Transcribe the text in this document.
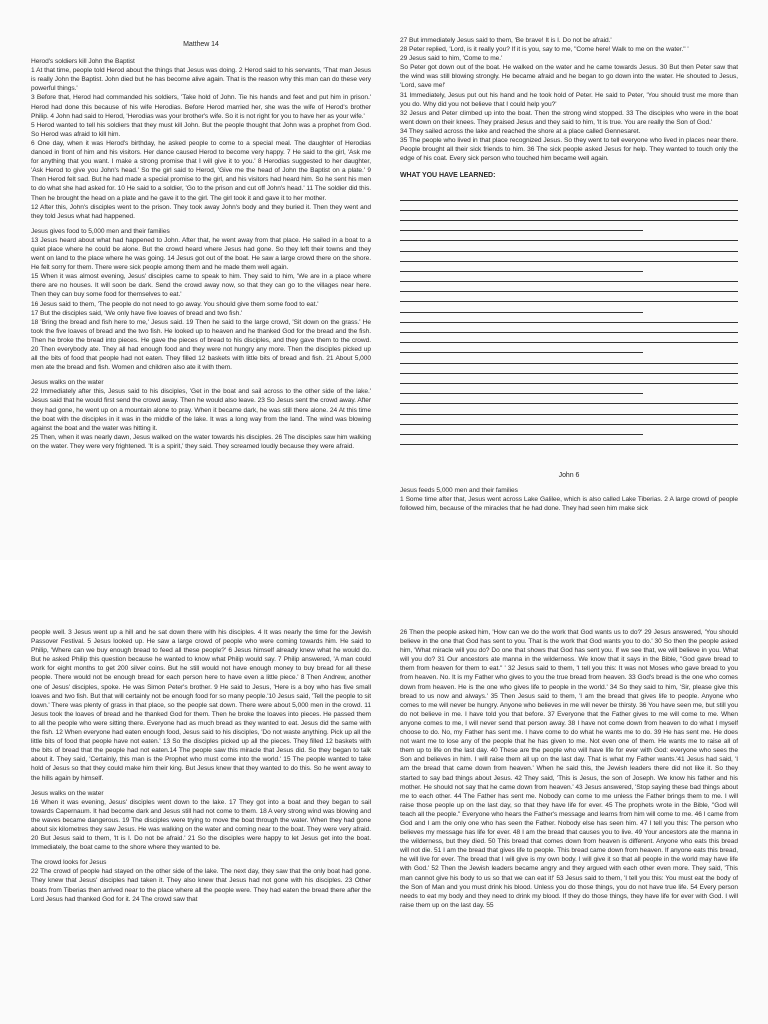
Matthew 14

Herod's soldiers kill John the Baptist

1 At that time, people told Herod about the things that Jesus was doing. 2 Herod said to his servants, 'That man Jesus is really John the Baptist. John died but he has become alive again. That is the reason why this man can do these very powerful things.'

3 Before that, Herod had commanded his soldiers, 'Take hold of John. Tie his hands and feet and put him in prison.' Herod had done this because of his wife Herodias. Before Herod married her, she was the wife of Herod's brother Philip. 4 John had said to Herod, 'Herodias was your brother's wife. So it is not right for you to have her as your wife.'

5 Herod wanted to tell his soldiers that they must kill John. But the people thought that John was a prophet from God. So Herod was afraid to kill him.

6 One day, when it was Herod's birthday, he asked people to come to a special meal. The daughter of Herodias danced in front of him and his visitors. Her dance caused Herod to become very happy. 7 He said to the girl, 'Ask me for anything that you want. I make a strong promise that I will give it to you.' 8 Herodias suggested to her daughter, 'Ask Herod to give you John's head.' So the girl said to Herod, 'Give me the head of John the Baptist on a plate.' 9 Then Herod felt sad. But he had made a special promise to the girl, and his visitors had heard him. So he sent his men to do what she had asked for. 10 He said to a soldier, 'Go to the prison and cut off John's head.' 11 The soldier did this. Then he brought the head on a plate and he gave it to the girl. The girl took it and gave it to her mother.

12 After this, John's disciples went to the prison. They took away John's body and they buried it. Then they went and they told Jesus what had happened.

Jesus gives food to 5,000 men and their families

13 Jesus heard about what had happened to John. After that, he went away from that place. He sailed in a boat to a quiet place where he could be alone. But the crowd heard where Jesus had gone. So they left their towns and they went on land to the place where he was going. 14 Jesus got out of the boat. He saw a large crowd there on the shore. He felt sorry for them. There were sick people among them and he made them well again.

15 When it was almost evening, Jesus' disciples came to speak to him. They said to him, 'We are in a place where there are no houses. It will soon be dark. Send the crowd away now, so that they can go to the villages near here. Then they can buy some food for themselves to eat.'

16 Jesus said to them, 'The people do not need to go away. You should give them some food to eat.'

17 But the disciples said, 'We only have five loaves of bread and two fish.'

18 'Bring the bread and fish here to me,' Jesus said. 19 Then he said to the large crowd, 'Sit down on the grass.' He took the five loaves of bread and the two fish. He looked up to heaven and he thanked God for the bread and the fish. Then he broke the bread into pieces. He gave the pieces of bread to his disciples, and they gave them to the crowd. 20 Then everybody ate. They all had enough food and they were not hungry any more. Then the disciples picked up all the bits of food that people had not eaten. They filled 12 baskets with little bits of bread and fish. 21 About 5,000 men ate the bread and fish. Women and children also ate it with them.

Jesus walks on the water

22 Immediately after this, Jesus said to his disciples, 'Get in the boat and sail across to the other side of the lake.' Jesus said that he would first send the crowd away. Then he would also leave. 23 So Jesus sent the crowd away. After they had gone, he went up on a mountain alone to pray. When it became dark, he was still there alone. 24 At this time the boat with the disciples in it was in the middle of the lake. It was a long way from the land. The wind was blowing against the boat and the water was hitting it.

25 Then, when it was nearly dawn, Jesus walked on the water towards his disciples. 26 The disciples saw him walking on the water. They were very frightened. 'It is a spirit,' they said. They screamed loudly because they were afraid.

27 But immediately Jesus said to them, 'Be brave! It is I. Do not be afraid.'

28 Peter replied, 'Lord, is it really you? If it is you, say to me, "Come here! Walk to me on the water." '

29 Jesus said to him, 'Come to me.'

So Peter got down out of the boat. He walked on the water and he came towards Jesus. 30 But then Peter saw that the wind was still blowing strongly. He became afraid and he began to go down into the water. He shouted to Jesus, 'Lord, save me!'

31 Immediately, Jesus put out his hand and he took hold of Peter. He said to Peter, 'You should trust me more than you do. Why did you not believe that I could help you?'

32 Jesus and Peter climbed up into the boat. Then the strong wind stopped. 33 The disciples who were in the boat went down on their knees. They praised Jesus and they said to him, 'It is true. You are really the Son of God.'

34 They sailed across the lake and reached the shore at a place called Gennesaret.

35 The people who lived in that place recognized Jesus. So they went to tell everyone who lived in places near there. People brought all their sick friends to him. 36 The sick people asked Jesus for help. They wanted to touch only the edge of his coat. Every sick person who touched him became well again.

WHAT YOU HAVE LEARNED:
John 6

Jesus feeds 5,000 men and their families

1 Some time after that, Jesus went across Lake Galilee, which is also called Lake Tiberias. 2 A large crowd of people followed him, because of the miracles that he had done. They had seen him make sick

people well. 3 Jesus went up a hill and he sat down there with his disciples. 4 It was nearly the time for the Jewish Passover Festival. 5 Jesus looked up. He saw a large crowd of people who were coming towards him. He said to Philip, 'Where can we buy enough bread to feed all these people?' 6 Jesus himself already knew what he would do. But he asked Philip this question because he wanted to know what Philip would say. 7 Philip answered, 'A man could work for eight months to get 200 silver coins. But he still would not have enough money to buy bread for all these people. There would not be enough bread for each person here to have even a little piece.' 8 Then Andrew, another one of Jesus' disciples, spoke. He was Simon Peter's brother. 9 He said to Jesus, 'Here is a boy who has five small loaves and two fish. But that will certainly not be enough food for so many people.'10 Jesus said, 'Tell the people to sit down.' There was plenty of grass in that place, so the people sat down. There were about 5,000 men in the crowd. 11 Jesus took the loaves of bread and he thanked God for them. Then he broke the loaves into pieces. He passed them to all the people who were sitting there. Everyone had as much bread as they wanted to eat. Jesus did the same with the fish. 12 When everyone had eaten enough food, Jesus said to his disciples, 'Do not waste anything. Pick up all the little bits of food that people have not eaten.' 13 So the disciples picked up all the pieces. They filled 12 baskets with the bits of bread that the people had not eaten.14 The people saw this miracle that Jesus did. So they began to talk about it. They said, 'Certainly, this man is the Prophet who must come into the world.' 15 The people wanted to take hold of Jesus so that they could make him their king. But Jesus knew that they wanted to do this. So he went away to the hills again by himself.

Jesus walks on the water

16 When it was evening, Jesus' disciples went down to the lake. 17 They got into a boat and they began to sail towards Capernaum. It had become dark and Jesus still had not come to them. 18 A very strong wind was blowing and the waves became dangerous. 19 The disciples were trying to move the boat through the water. When they had gone about six kilometres they saw Jesus. He was walking on the water and coming near to the boat. They were very afraid. 20 But Jesus said to them, 'It is I. Do not be afraid.' 21 So the disciples were happy to let Jesus get into the boat. Immediately, the boat came to the shore where they wanted to be.

The crowd looks for Jesus

22 The crowd of people had stayed on the other side of the lake. The next day, they saw that the only boat had gone. They knew that Jesus' disciples had taken it. They also knew that Jesus had not gone with his disciples. 23 Other boats from Tiberias then arrived near to the place where all the people were. They had eaten the bread there after the Lord Jesus had thanked God for it. 24 The crowd saw that

26 Then the people asked him, 'How can we do the work that God wants us to do?' 29 Jesus answered, 'You should believe in the one that God has sent to you. That is the work that God wants you to do.' 30 So then the people asked him, 'What miracle will you do? Do one that shows that God has sent you. If we see that, we will believe in you. What will you do? 31 Our ancestors ate manna in the wilderness. We know that it says in the Bible, "God gave bread to them from heaven for them to eat." ' 32 Jesus said to them, 'I tell you this: It was not Moses who gave bread to you from heaven. No. It is my Father who gives to you the true bread from heaven. 33 God's bread is the one who comes down from heaven. He is the one who gives life to people in the world.' 34 So they said to him, 'Sir, please give this bread to us now and always.' 35 Then Jesus said to them, 'I am the bread that gives life to people. Anyone who comes to me will never be hungry. Anyone who believes in me will never be thirsty. 36 You have seen me, but still you do not believe in me. I have told you that before. 37 Everyone that the Father gives to me will come to me. When anyone comes to me, I will never send that person away. 38 I have not come down from heaven to do what I myself choose to do. No, my Father has sent me. I have come to do what he wants me to do. 39 He has sent me. He does not want me to lose any of the people that he has given to me. Not even one of them. He wants me to raise all of them up to life on the last day. 40 These are the people who will have life for ever with God: everyone who sees the Son and believes in him. I will raise them all up on the last day. That is what my Father wants.'41 Jesus had said, 'I am the bread that came down from heaven.' When he said this, the Jewish leaders there did not like it. So they started to say bad things about Jesus. 42 They said, 'This is Jesus, the son of Joseph. We know his father and his mother. He should not say that he came down from heaven.' 43 Jesus answered, 'Stop saying these bad things about me to each other. 44 The Father has sent me. Nobody can come to me unless the Father brings them to me. I will raise those people up on the last day, so that they have life for ever. 45 The prophets wrote in the Bible, "God will teach all the people." Everyone who hears the Father's message and learns from him will come to me. 46 I came from God and I am the only one who has seen the Father. Nobody else has seen him. 47 I tell you this: The person who believes my message has life for ever. 48 I am the bread that causes you to live. 49 Your ancestors ate the manna in the wilderness, but they died. 50 This bread that comes down from heaven is different. Anyone who eats this bread will not die. 51 I am the bread that gives life to people. This bread came down from heaven. If anyone eats this bread, he will live for ever. The bread that I will give is my own body. I will give it so that all people in the world may have life with God.' 52 Then the Jewish leaders became angry and they argued with each other even more. They said, 'This man cannot give his body to us so that we can eat it!' 53 Jesus said to them, 'I tell you this: You must eat the body of the Son of Man and you must drink his blood. Unless you do those things, you do not have true life. 54 Every person needs to eat my body and they need to drink my blood. If they do those things, they have life for ever with God. I will raise them up on the last day. 55
